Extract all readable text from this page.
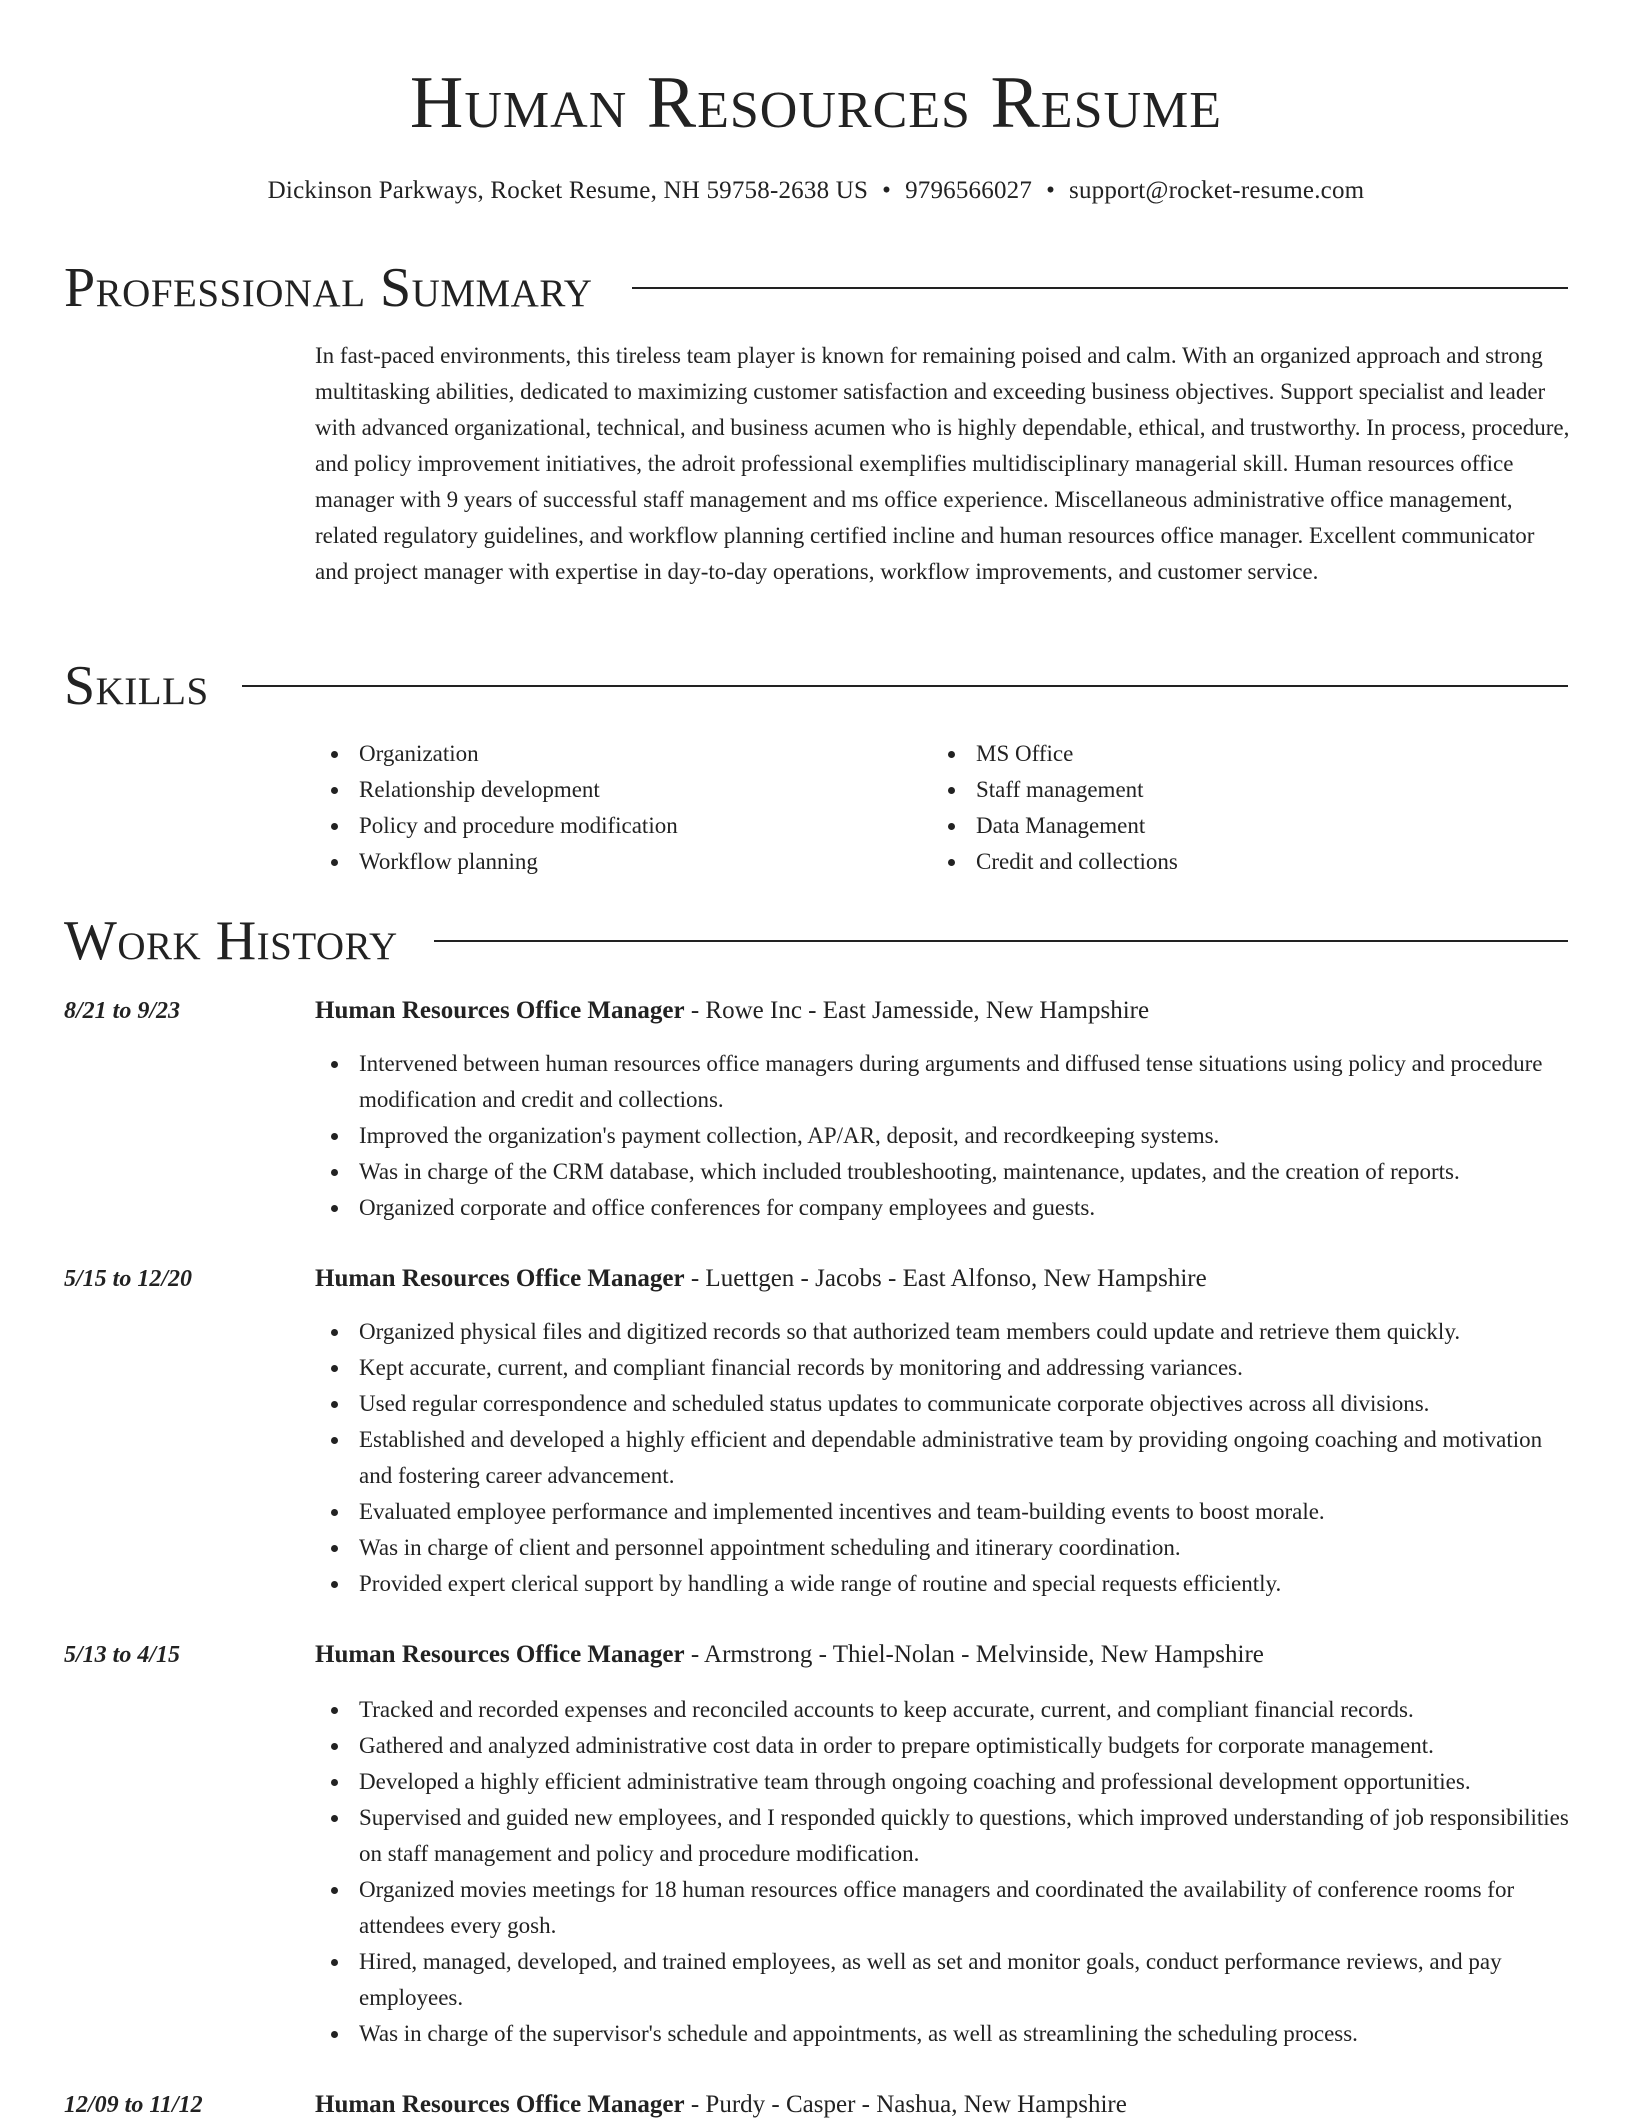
Human Resources Resume
Dickinson Parkways, Rocket Resume, NH 59758-2638 US • 9796566027 • support@rocket-resume.com
Professional Summary

In fast-paced environments, this tireless team player is known for remaining poised and calm. With an organized approach and strong multitasking abilities, dedicated to maximizing customer satisfaction and exceeding business objectives. Support specialist and leader with advanced organizational, technical, and business acumen who is highly dependable, ethical, and trustworthy. In process, procedure, and policy improvement initiatives, the adroit professional exemplifies multidisciplinary managerial skill. Human resources office manager with 9 years of successful staff management and ms office experience. Miscellaneous administrative office management, related regulatory guidelines, and workflow planning certified incline and human resources office manager. Excellent communicator and project manager with expertise in day-to-day operations, workflow improvements, and customer service.

Skills
Organization
Relationship development
Policy and procedure modification
Workflow planning
MS Office
Staff management
Data Management
Credit and collections
Work History
8/21 to 9/23	Human Resources Office Manager - Rowe Inc - East Jamesside, New Hampshire
Intervened between human resources office managers during arguments and diffused tense situations using policy and procedure modification and credit and collections.
Improved the organization's payment collection, AP/AR, deposit, and recordkeeping systems.
Was in charge of the CRM database, which included troubleshooting, maintenance, updates, and the creation of reports.
Organized corporate and office conferences for company employees and guests.
5/15 to 12/20	Human Resources Office Manager - Luettgen - Jacobs - East Alfonso, New Hampshire
Organized physical files and digitized records so that authorized team members could update and retrieve them quickly.
Kept accurate, current, and compliant financial records by monitoring and addressing variances.
Used regular correspondence and scheduled status updates to communicate corporate objectives across all divisions.
Established and developed a highly efficient and dependable administrative team by providing ongoing coaching and motivation and fostering career advancement.
Evaluated employee performance and implemented incentives and team-building events to boost morale.
Was in charge of client and personnel appointment scheduling and itinerary coordination.
Provided expert clerical support by handling a wide range of routine and special requests efficiently.
5/13 to 4/15	Human Resources Office Manager - Armstrong - Thiel-Nolan - Melvinside, New Hampshire
Tracked and recorded expenses and reconciled accounts to keep accurate, current, and compliant financial records.
Gathered and analyzed administrative cost data in order to prepare optimistically budgets for corporate management.
Developed a highly efficient administrative team through ongoing coaching and professional development opportunities.
Supervised and guided new employees, and I responded quickly to questions, which improved understanding of job responsibilities on staff management and policy and procedure modification.
Organized movies meetings for 18 human resources office managers and coordinated the availability of conference rooms for attendees every gosh.
Hired, managed, developed, and trained employees, as well as set and monitor goals, conduct performance reviews, and pay employees.
Was in charge of the supervisor's schedule and appointments, as well as streamlining the scheduling process.
12/09 to 11/12	Human Resources Office Manager - Purdy - Casper - Nashua, New Hampshire
